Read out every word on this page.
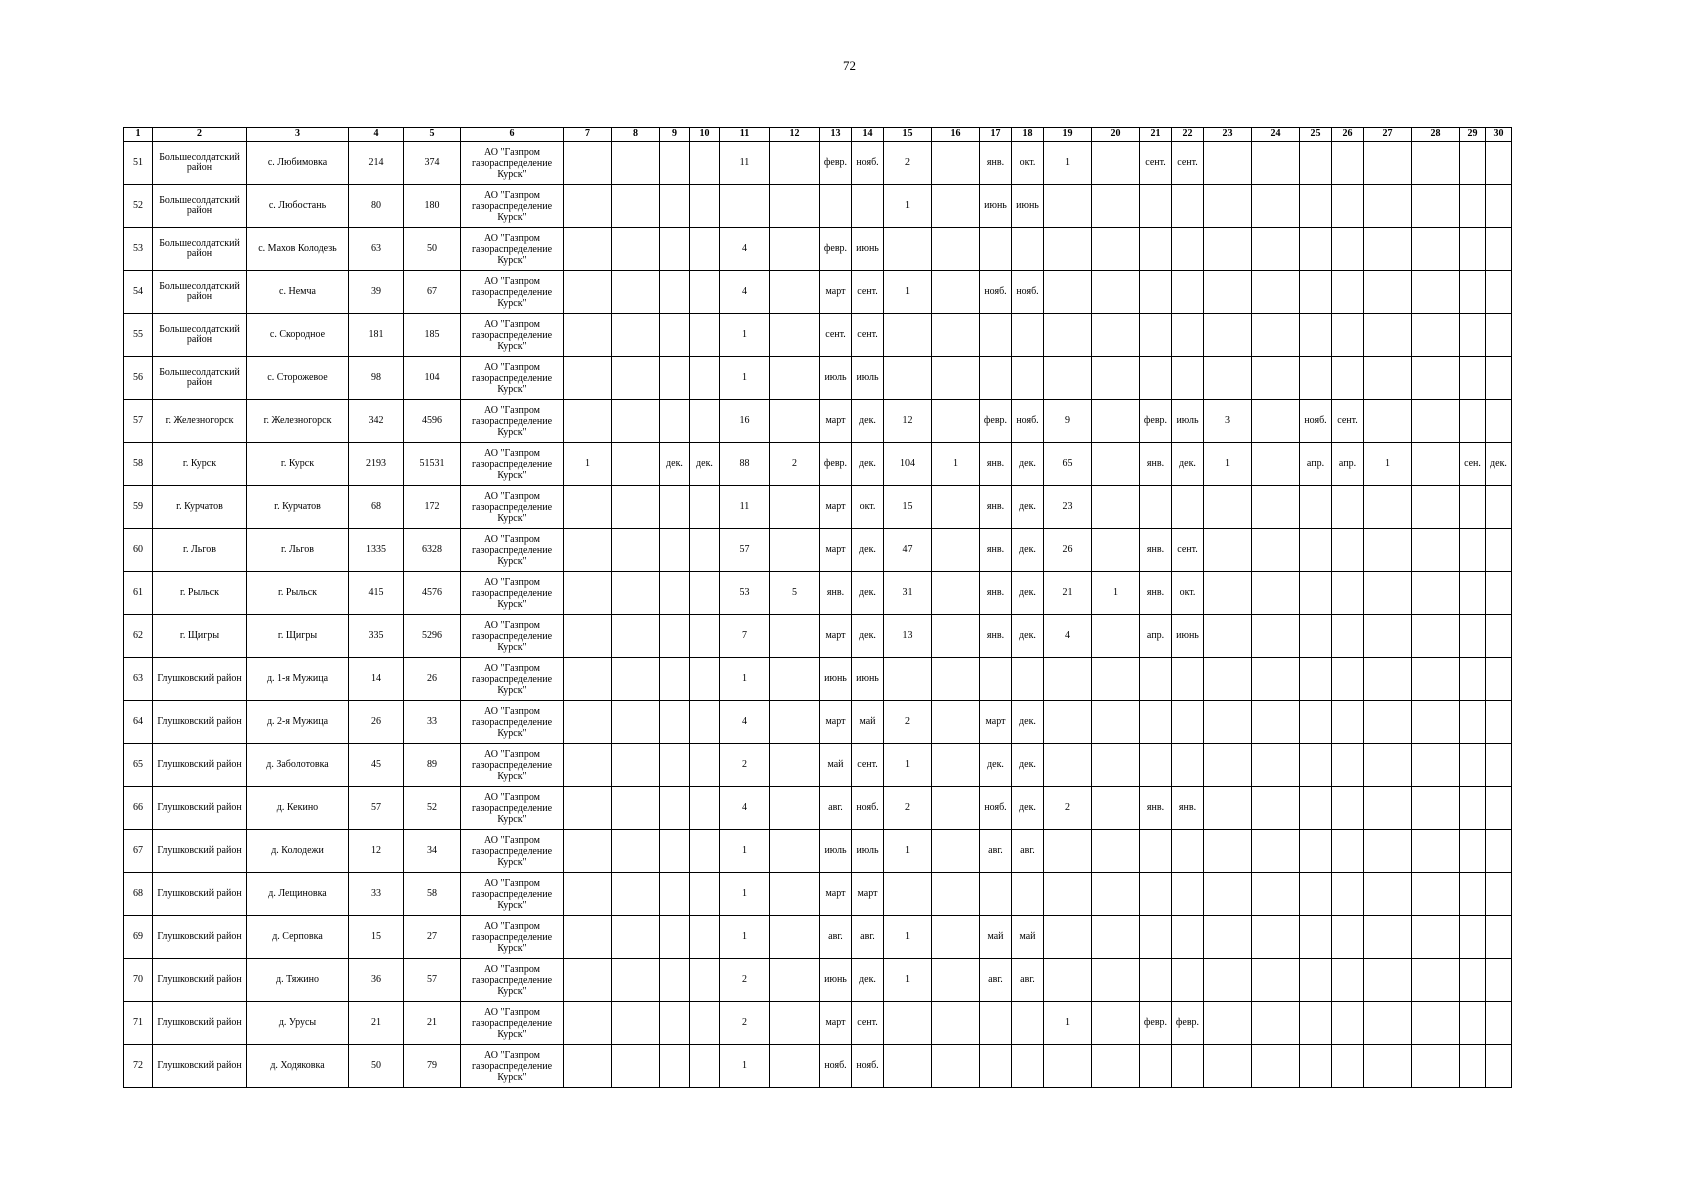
72
1	2	3	4	5	6	7	8	9	10	11	12	13	14	15	16	17	18	19	20	21	22	23	24	25	26	27	28	29	30
51	Большесолдатский район	с. Любимовка	214	374	АО "Газпром газораспределение Курск"					11		февр.	нояб.	2		янв.	окт.	1		сент.	сент.								
52	Большесолдатский район	с. Любостань	80	180	АО "Газпром газораспределение Курск"									1		июнь	июнь												
53	Большесолдатский район	с. Махов Колодезь	63	50	АО "Газпром газораспределение Курск"					4		февр.	июнь																
54	Большесолдатский район	с. Немча	39	67	АО "Газпром газораспределение Курск"					4		март	сент.	1		нояб.	нояб.												
55	Большесолдатский район	с. Скородное	181	185	АО "Газпром газораспределение Курск"					1		сент.	сент.																
56	Большесолдатский район	с. Сторожевое	98	104	АО "Газпром газораспределение Курск"					1		июль	июль																
57	г. Железногорск	г. Железногорск	342	4596	АО "Газпром газораспределение Курск"					16		март	дек.	12		февр.	нояб.	9		февр.	июль	3		нояб.	сент.				
58	г. Курск	г. Курск	2193	51531	АО "Газпром газораспределение Курск"	1		дек.	дек.	88	2	февр.	дек.	104	1	янв.	дек.	65		янв.	дек.	1		апр.	апр.	1		сен.	дек.
59	г. Курчатов	г. Курчатов	68	172	АО "Газпром газораспределение Курск"					11		март	окт.	15		янв.	дек.	23											
60	г. Льгов	г. Льгов	1335	6328	АО "Газпром газораспределение Курск"					57		март	дек.	47		янв.	дек.	26		янв.	сент.								
61	г. Рыльск	г. Рыльск	415	4576	АО "Газпром газораспределение Курск"					53	5	янв.	дек.	31		янв.	дек.	21	1	янв.	окт.								
62	г. Щигры	г. Щигры	335	5296	АО "Газпром газораспределение Курск"					7		март	дек.	13		янв.	дек.	4		апр.	июнь								
63	Глушковский район	д. 1-я Мужица	14	26	АО "Газпром газораспределение Курск"					1		июнь	июнь																
64	Глушковский район	д. 2-я Мужица	26	33	АО "Газпром газораспределение Курск"					4		март	май	2		март	дек.												
65	Глушковский район	д. Заболотовка	45	89	АО "Газпром газораспределение Курск"					2		май	сент.	1		дек.	дек.												
66	Глушковский район	д. Кекино	57	52	АО "Газпром газораспределение Курск"					4		авг.	нояб.	2		нояб.	дек.	2		янв.	янв.								
67	Глушковский район	д. Колодежи	12	34	АО "Газпром газораспределение Курск"					1		июль	июль	1		авг.	авг.												
68	Глушковский район	д. Лещиновка	33	58	АО "Газпром газораспределение Курск"					1		март	март																
69	Глушковский район	д. Серповка	15	27	АО "Газпром газораспределение Курск"					1		авг.	авг.	1		май	май												
70	Глушковский район	д. Тяжино	36	57	АО "Газпром газораспределение Курск"					2		июнь	дек.	1		авг.	авг.												
71	Глушковский район	д. Урусы	21	21	АО "Газпром газораспределение Курск"					2		март	сент.					1		февр.	февр.								
72	Глушковский район	д. Ходяковка	50	79	АО "Газпром газораспределение Курск"					1		нояб.	нояб.																
